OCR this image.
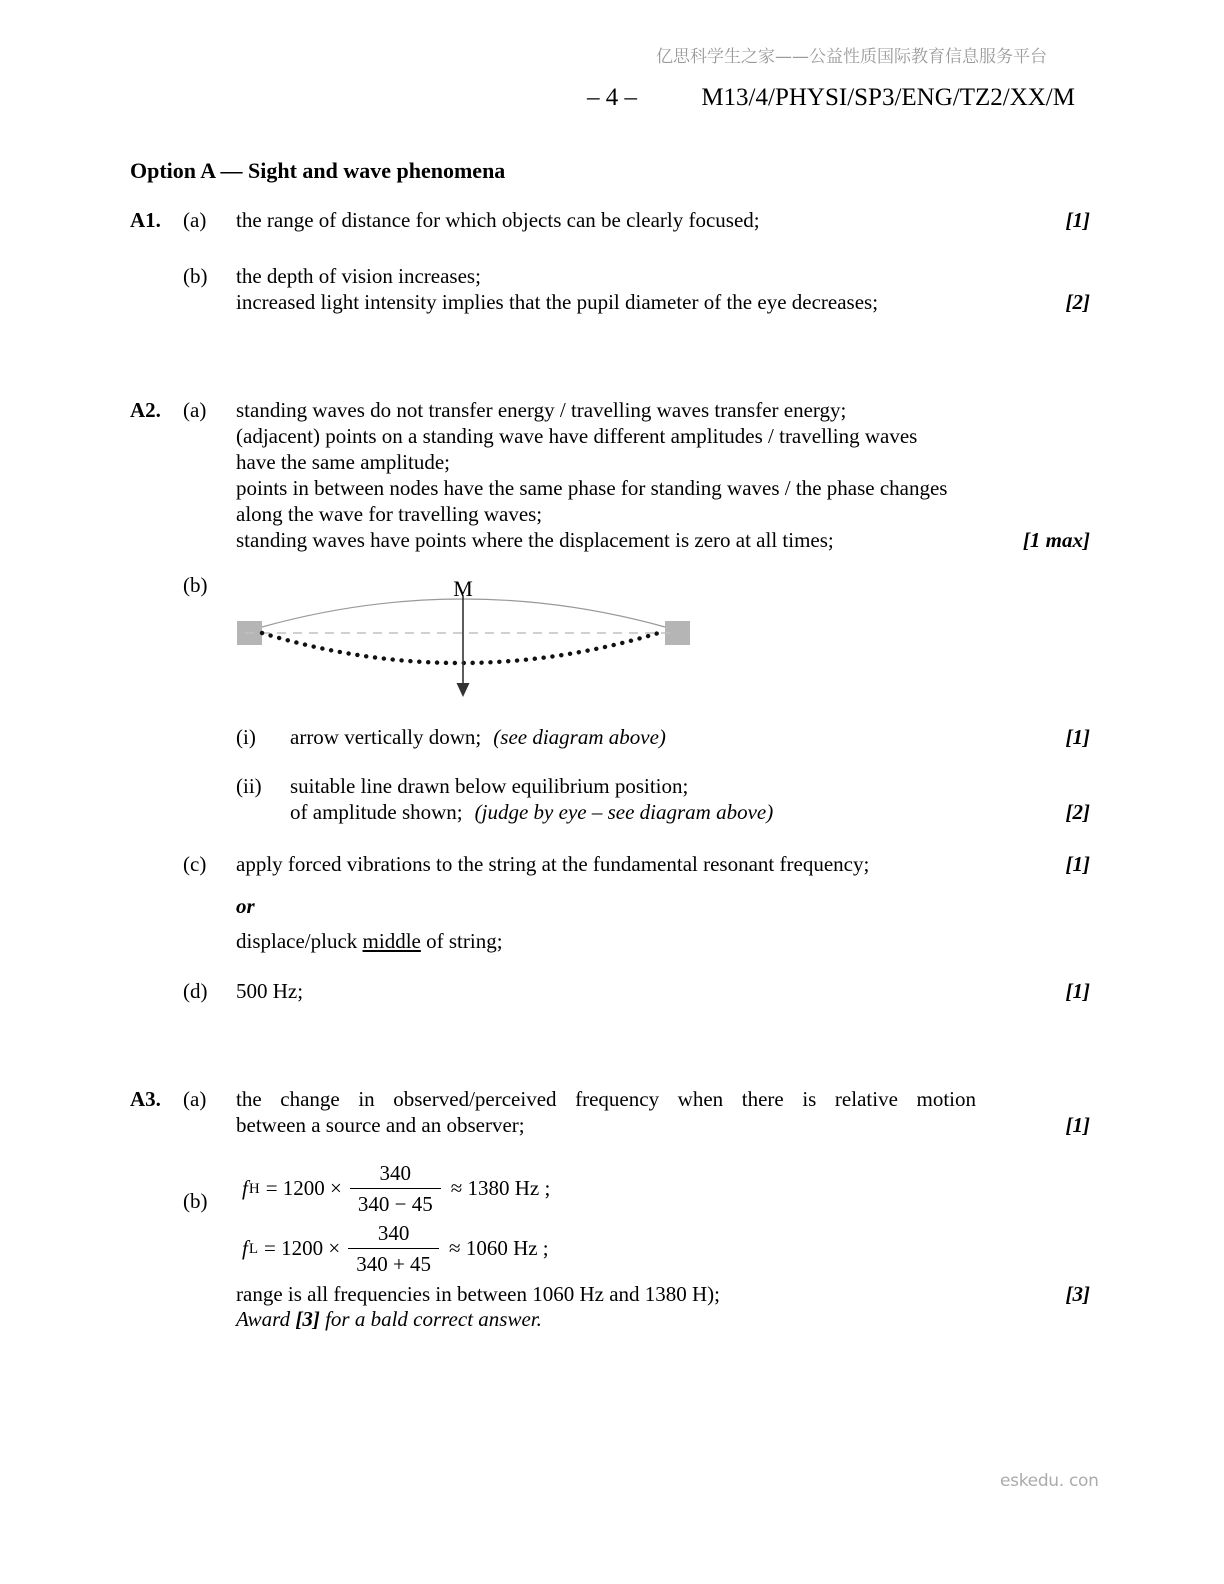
亿思科学生之家——公益性质国际教育信息服务平台
– 4 –	M13/4/PHYSI/SP3/ENG/TZ2/XX/M
Option A — Sight and wave phenomena
A1.	(a)	the range of distance for which objects can be clearly focused;	[1]
(b)	the depth of vision increases;
increased light intensity implies that the pupil diameter of the eye decreases;	[2]
A2.	(a)	standing waves do not transfer energy / travelling waves transfer energy;
(adjacent) points on a standing wave have different amplitudes / travelling waves
have the same amplitude;
points in between nodes have the same phase for standing waves / the phase changes
along the wave for travelling waves;
standing waves have points where the displacement is zero at all times;	[1 max]
(b)	M
(i)	arrow vertically down; (see diagram above)	[1]
(ii)	suitable line drawn below equilibrium position;
of amplitude shown; (judge by eye – see diagram above)	[2]
(c)	apply forced vibrations to the string at the fundamental resonant frequency;	[1]
or
displace/pluck middle of string;
(d)	500 Hz;	[1]
A3.	(a)	the change in observed/perceived frequency when there is relative motion
between a source and an observer;	[1]
(b)
f $H = 1200 \times \frac{340}{340 - 45} \approx 1380$ Hz ;
f $L = 1200 \times \frac{340}{340 + 45} \approx 1060$ Hz ;
range is all frequencies in between 1060 Hz and 1380 H);	[3]
Award [3] for a bald correct answer.
eskedu. con
